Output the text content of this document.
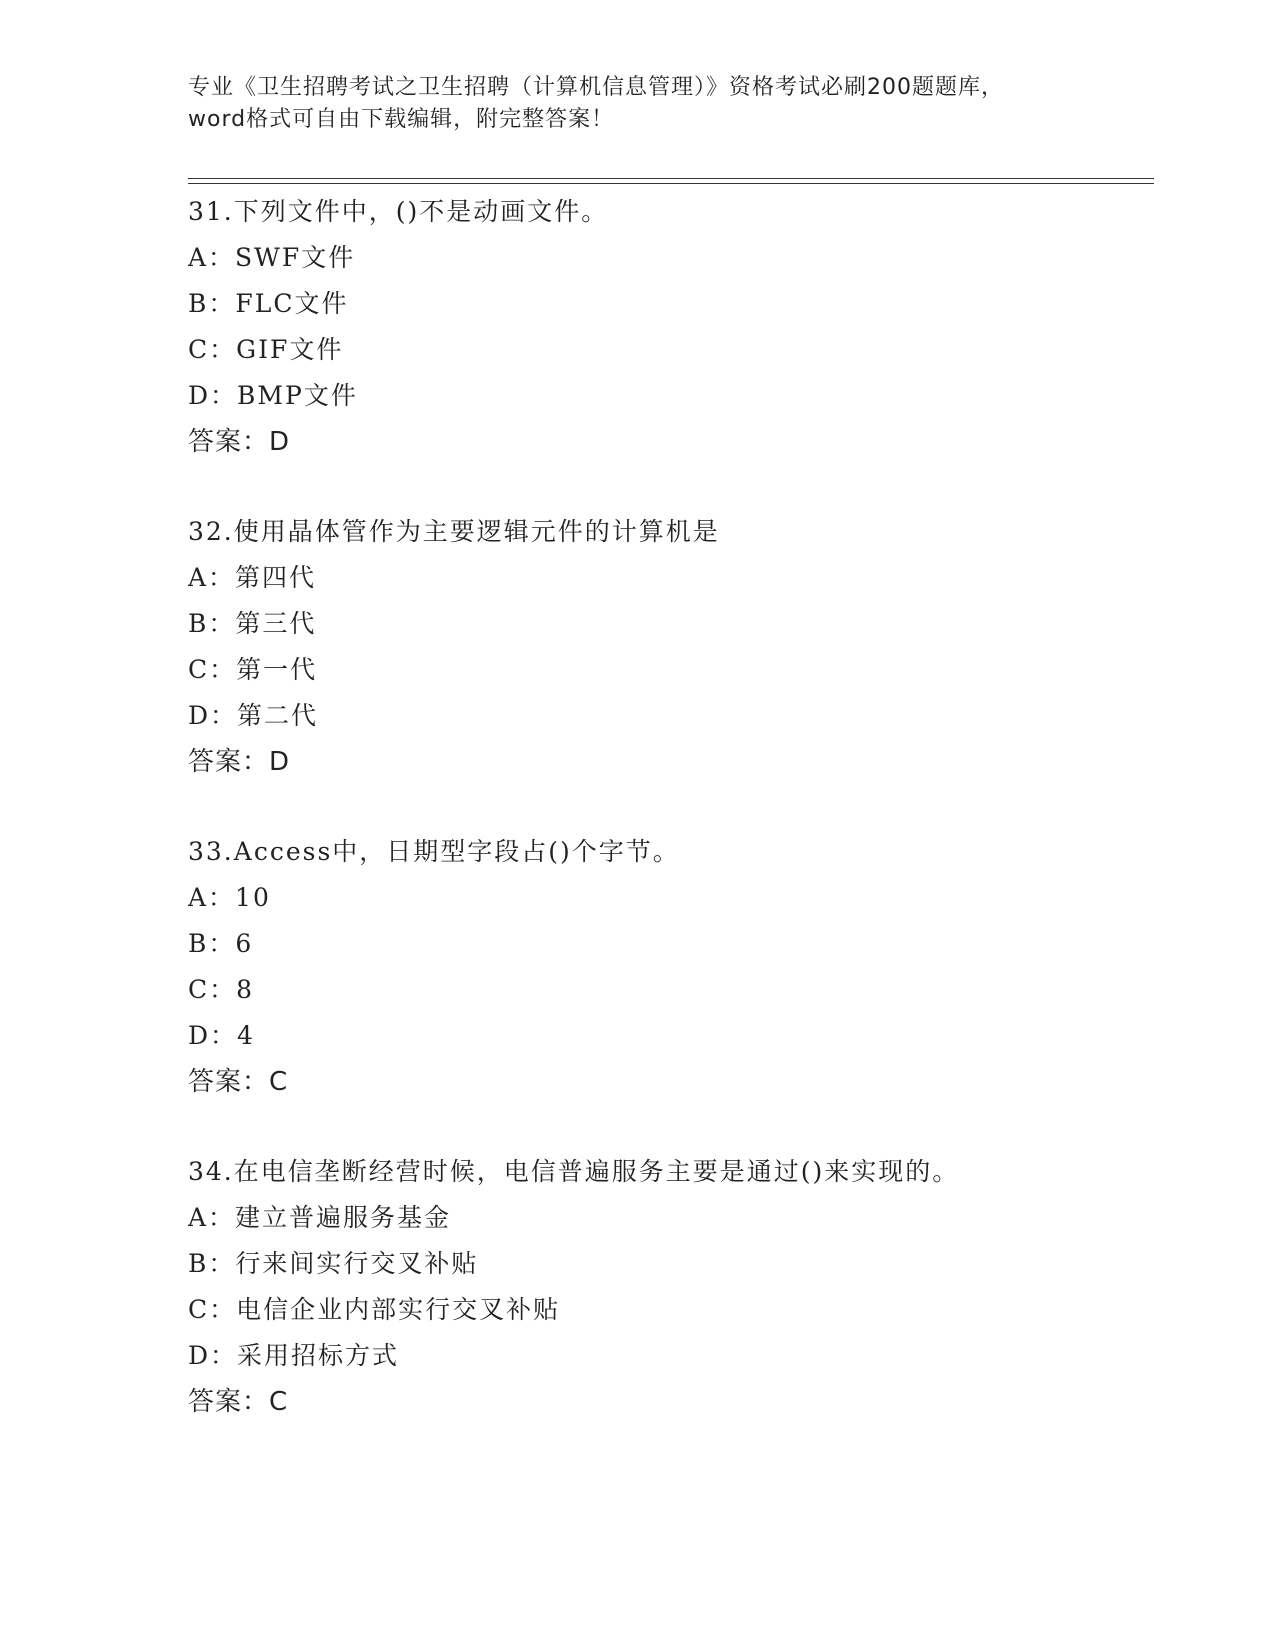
专业《卫生招聘考试之卫生招聘（计算机信息管理）》资格考试必刷200题题库，
word格式可自由下载编辑，附完整答案！
31.下列文件中，()不是动画文件。
A：SWF文件
B：FLC文件
C：GIF文件
D：BMP文件
答案：D
32.使用晶体管作为主要逻辑元件的计算机是
A：第四代
B：第三代
C：第一代
D：第二代
答案：D
33.Access中，日期型字段占()个字节。
A：10
B：6
C：8
D：4
答案：C
34.在电信垄断经营时候，电信普遍服务主要是通过()来实现的。
A：建立普遍服务基金
B：行来间实行交叉补贴
C：电信企业内部实行交叉补贴
D：采用招标方式
答案：C
